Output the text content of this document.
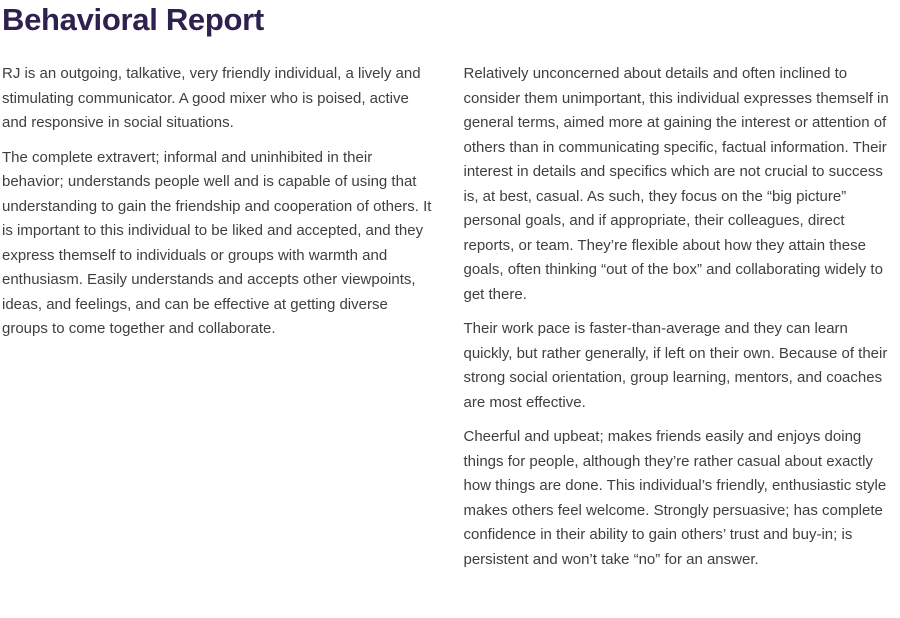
Behavioral Report

RJ is an outgoing, talkative, very friendly individual, a lively and stimulating communicator. A good mixer who is poised, active and responsive in social situations.

The complete extravert; informal and uninhibited in their behavior; understands people well and is capable of using that understanding to gain the friendship and cooperation of others. It is important to this individual to be liked and accepted, and they express themself to individuals or groups with warmth and enthusiasm. Easily understands and accepts other viewpoints, ideas, and feelings, and can be effective at getting diverse groups to come together and collaborate.

Relatively unconcerned about details and often inclined to consider them unimportant, this individual expresses themself in general terms, aimed more at gaining the interest or attention of others than in communicating specific, factual information. Their interest in details and specifics which are not crucial to success is, at best, casual. As such, they focus on the “big picture” personal goals, and if appropriate, their colleagues, direct reports, or team. They’re flexible about how they attain these goals, often thinking “out of the box” and collaborating widely to get there.

Their work pace is faster-than-average and they can learn quickly, but rather generally, if left on their own. Because of their strong social orientation, group learning, mentors, and coaches are most effective.

Cheerful and upbeat; makes friends easily and enjoys doing things for people, although they’re rather casual about exactly how things are done. This individual’s friendly, enthusiastic style makes others feel welcome. Strongly persuasive; has complete confidence in their ability to gain others’ trust and buy-in; is persistent and won’t take “no” for an answer.
